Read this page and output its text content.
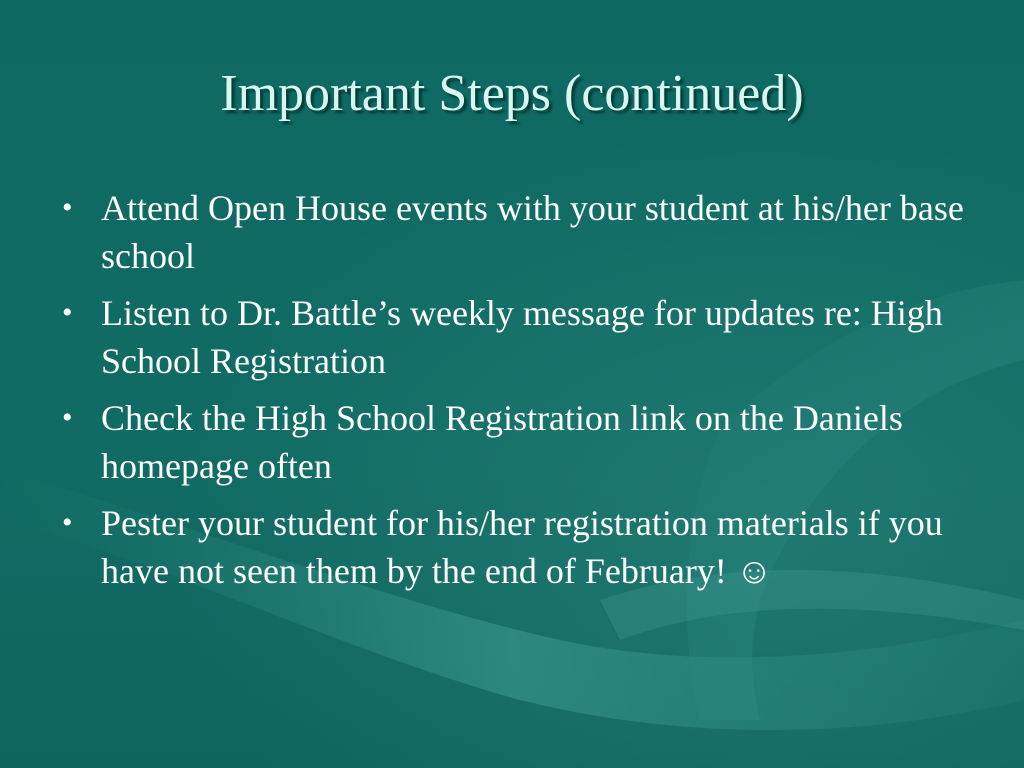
Important Steps (continued)
• Attend Open House events with your student at his/her base school
• Listen to Dr. Battle’s weekly message for updates re: High School Registration
• Check the High School Registration link on the Daniels homepage often
• Pester your student for his/her registration materials if you have not seen them by the end of February! ☺
